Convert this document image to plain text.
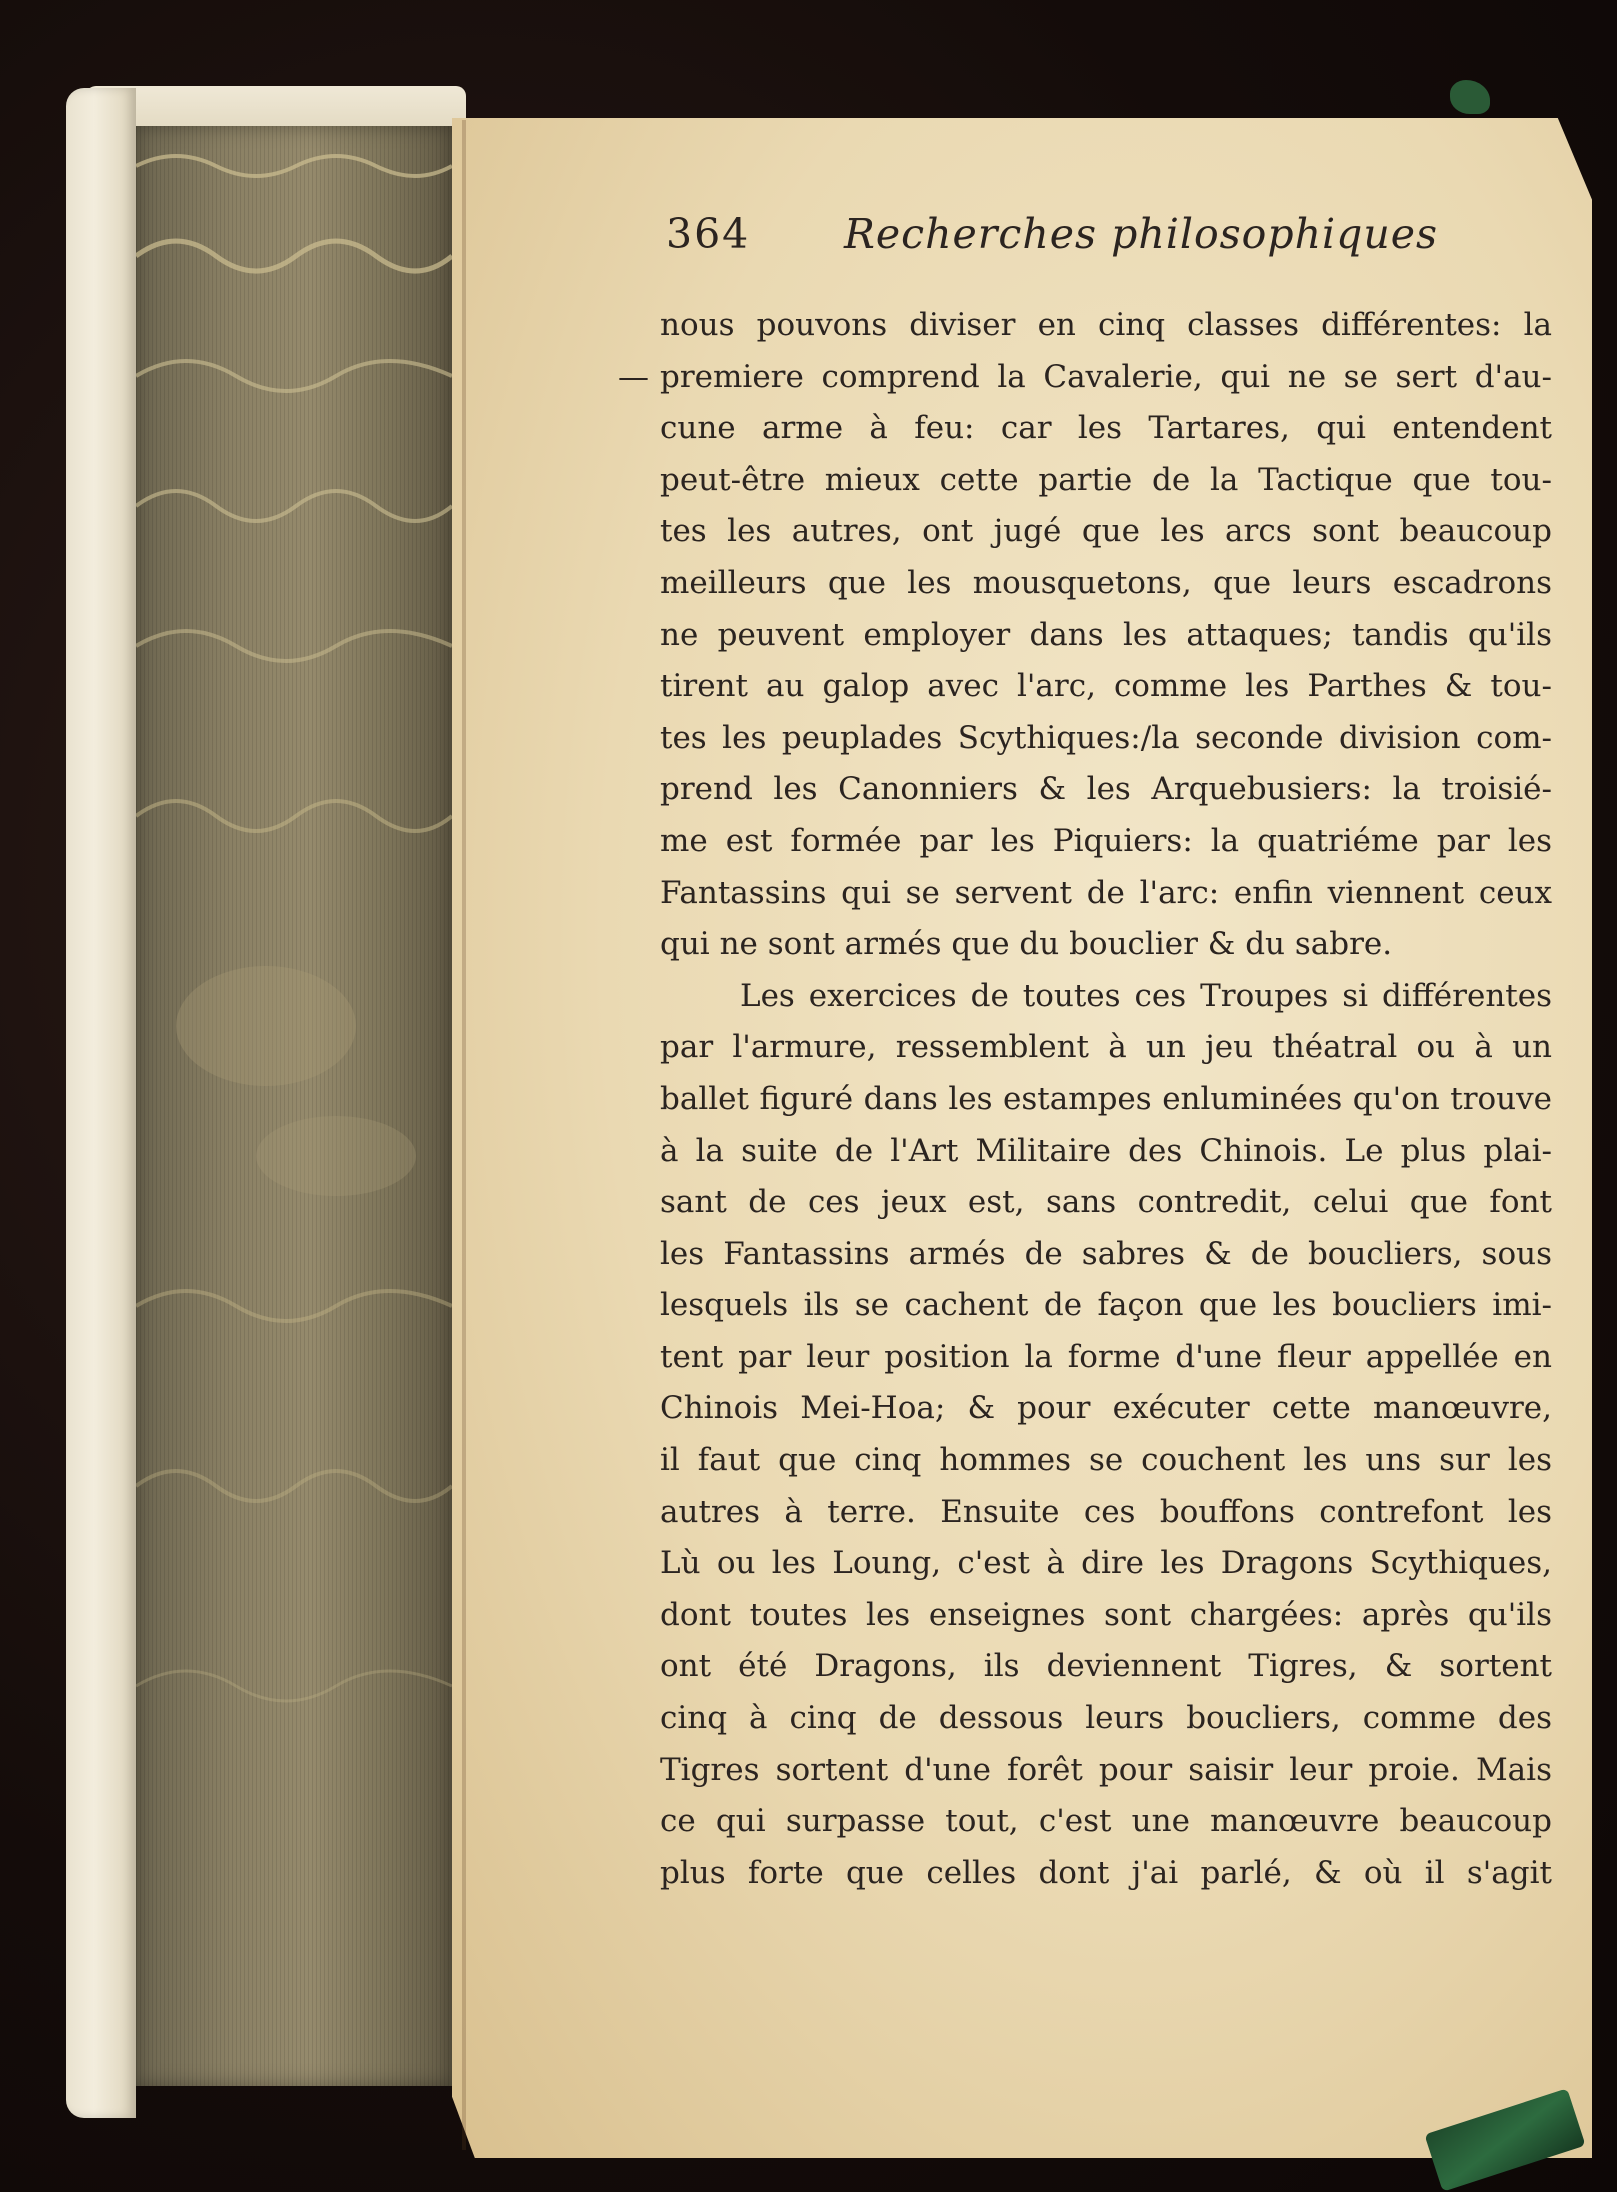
364 Recherches philosophiques
—
nous pouvons diviser en cinq classes différentes: la
premiere comprend la Cavalerie, qui ne se sert d'au-
cune arme à feu: car les Tartares, qui entendent
peut-être mieux cette partie de la Tactique que tou-
tes les autres, ont jugé que les arcs sont beaucoup
meilleurs que les mousquetons, que leurs escadrons
ne peuvent employer dans les attaques; tandis qu'ils
tirent au galop avec l'arc, comme les Parthes & tou-
tes les peuplades Scythiques:/la seconde division com-
prend les Canonniers & les Arquebusiers: la troisié-
me est formée par les Piquiers: la quatriéme par les
Fantassins qui se servent de l'arc: enfin viennent ceux
qui ne sont armés que du bouclier & du sabre.
Les exercices de toutes ces Troupes si différentes
par l'armure, ressemblent à un jeu théatral ou à un
ballet figuré dans les estampes enluminées qu'on trouve
à la suite de l'Art Militaire des Chinois. Le plus plai-
sant de ces jeux est, sans contredit, celui que font
les Fantassins armés de sabres & de boucliers, sous
lesquels ils se cachent de façon que les boucliers imi-
tent par leur position la forme d'une fleur appellée en
Chinois Mei-Hoa; & pour exécuter cette manœuvre,
il faut que cinq hommes se couchent les uns sur les
autres à terre. Ensuite ces bouffons contrefont les
Lù ou les Loung, c'est à dire les Dragons Scythiques,
dont toutes les enseignes sont chargées: après qu'ils
ont été Dragons, ils deviennent Tigres, & sortent
cinq à cinq de dessous leurs boucliers, comme des
Tigres sortent d'une forêt pour saisir leur proie. Mais
ce qui surpasse tout, c'est une manœuvre beaucoup
plus forte que celles dont j'ai parlé, & où il s'agit
